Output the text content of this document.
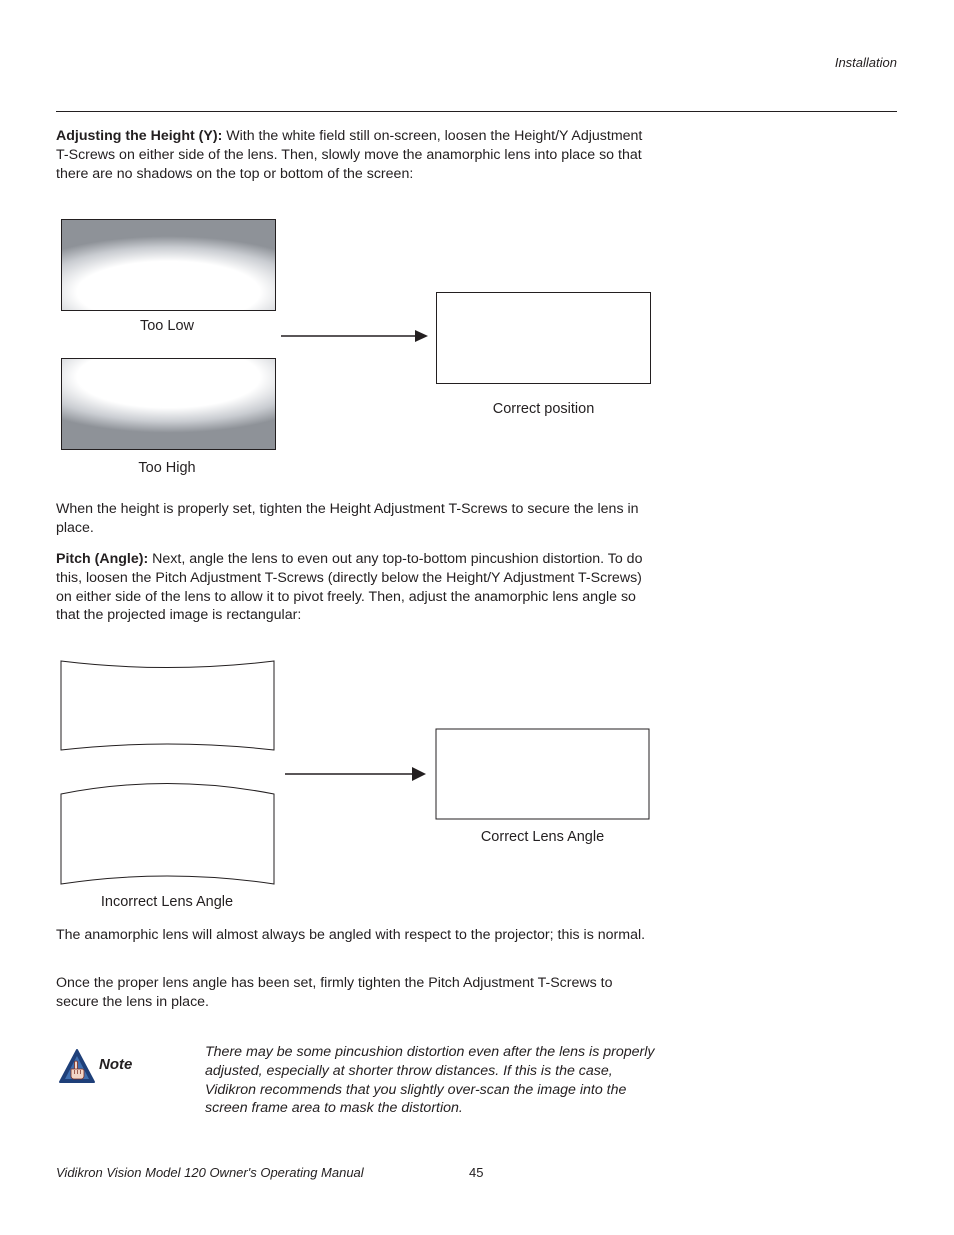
Installation

Adjusting the Height (Y): With the white field still on-screen, loosen the Height/Y Adjustment T-Screws on either side of the lens. Then, slowly move the anamorphic lens into place so that there are no shadows on the top or bottom of the screen:

Too Low
Too High
Correct position

When the height is properly set, tighten the Height Adjustment T-Screws to secure the lens in place.

Pitch (Angle): Next, angle the lens to even out any top-to-bottom pincushion distortion. To do this, loosen the Pitch Adjustment T-Screws (directly below the Height/Y Adjustment T-Screws) on either side of the lens to allow it to pivot freely. Then, adjust the anamorphic lens angle so that the projected image is rectangular:

Incorrect Lens Angle
Correct Lens Angle

The anamorphic lens will almost always be angled with respect to the projector; this is normal.

Once the proper lens angle has been set, firmly tighten the Pitch Adjustment T-Screws to secure the lens in place.

Note

There may be some pincushion distortion even after the lens is properly adjusted, especially at shorter throw distances. If this is the case, Vidikron recommends that you slightly over-scan the image into the screen frame area to mask the distortion.

Vidikron Vision Model 120 Owner's Operating Manual	45
